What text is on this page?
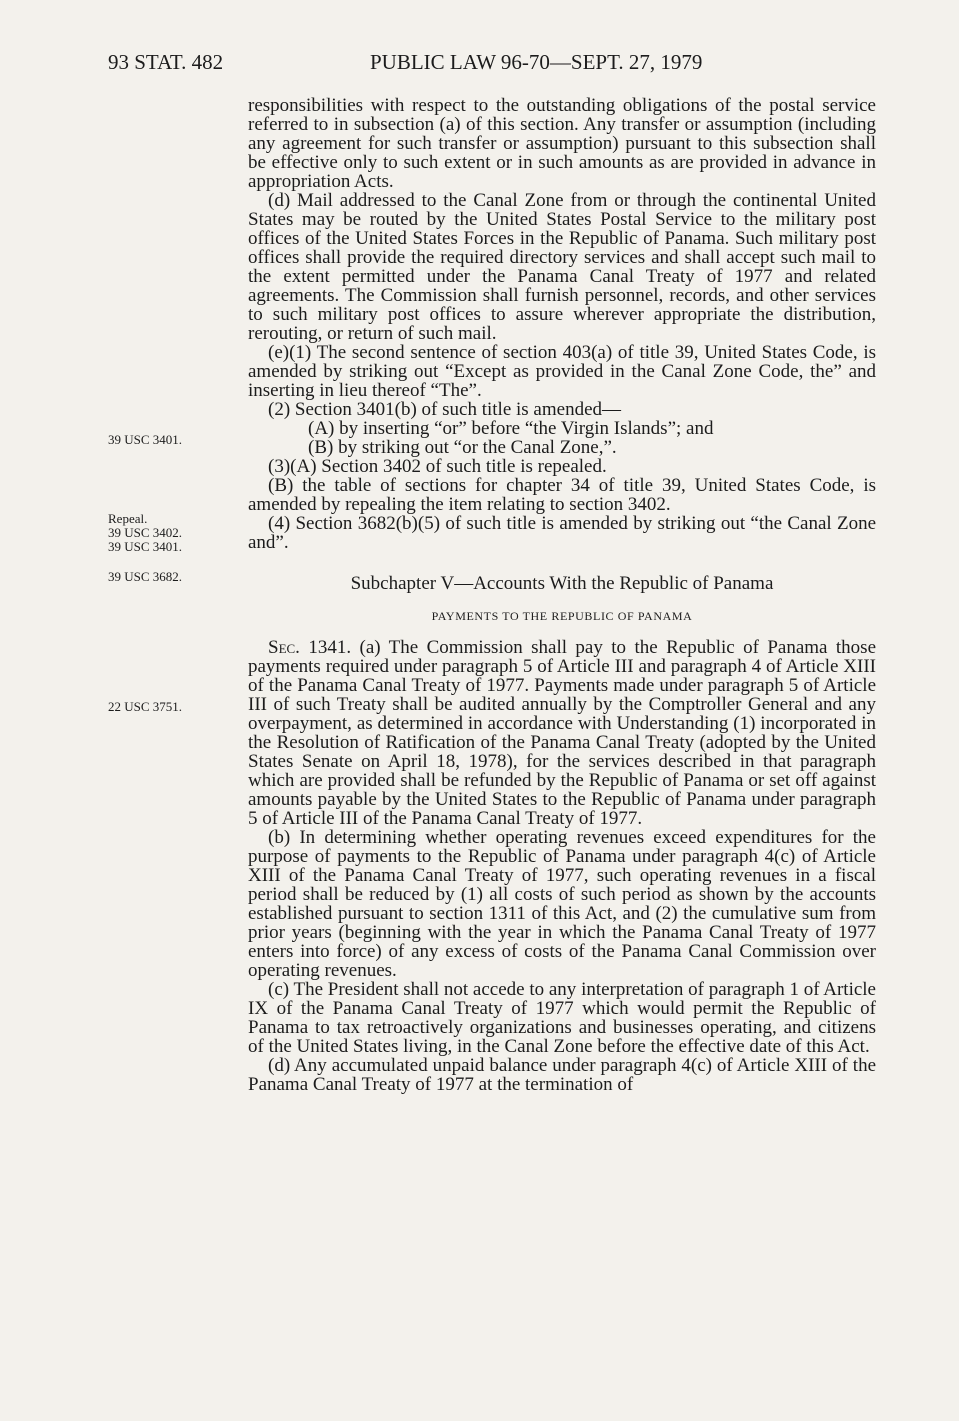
93 STAT. 482	PUBLIC LAW 96-70—SEPT. 27, 1979
39 USC 3401.
Repeal.
39 USC 3402.
39 USC 3401.
39 USC 3682.
22 USC 3751.

responsibilities with respect to the outstanding obligations of the postal service referred to in subsection (a) of this section. Any transfer or assumption (including any agreement for such transfer or assumption) pursuant to this subsection shall be effective only to such extent or in such amounts as are provided in advance in appropriation Acts.

(d) Mail addressed to the Canal Zone from or through the continental United States may be routed by the United States Postal Service to the military post offices of the United States Forces in the Republic of Panama. Such military post offices shall provide the required directory services and shall accept such mail to the extent permitted under the Panama Canal Treaty of 1977 and related agreements. The Commission shall furnish personnel, records, and other services to such military post offices to assure wherever appropriate the distribution, rerouting, or return of such mail.

(e)(1) The second sentence of section 403(a) of title 39, United States Code, is amended by striking out “Except as provided in the Canal Zone Code, the” and inserting in lieu thereof “The”.

(2) Section 3401(b) of such title is amended—

(A) by inserting “or” before “the Virgin Islands”; and

(B) by striking out “or the Canal Zone,”.

(3)(A) Section 3402 of such title is repealed.

(B) the table of sections for chapter 34 of title 39, United States Code, is amended by repealing the item relating to section 3402.

(4) Section 3682(b)(5) of such title is amended by striking out “the Canal Zone and”.

Subchapter V—Accounts With the Republic of Panama
PAYMENTS TO THE REPUBLIC OF PANAMA

Sec. 1341. (a) The Commission shall pay to the Republic of Panama those payments required under paragraph 5 of Article III and paragraph 4 of Article XIII of the Panama Canal Treaty of 1977. Payments made under paragraph 5 of Article III of such Treaty shall be audited annually by the Comptroller General and any overpayment, as determined in accordance with Understanding (1) incorporated in the Resolution of Ratification of the Panama Canal Treaty (adopted by the United States Senate on April 18, 1978), for the services described in that paragraph which are provided shall be refunded by the Republic of Panama or set off against amounts payable by the United States to the Republic of Panama under paragraph 5 of Article III of the Panama Canal Treaty of 1977.

(b) In determining whether operating revenues exceed expenditures for the purpose of payments to the Republic of Panama under paragraph 4(c) of Article XIII of the Panama Canal Treaty of 1977, such operating revenues in a fiscal period shall be reduced by (1) all costs of such period as shown by the accounts established pursuant to section 1311 of this Act, and (2) the cumulative sum from prior years (beginning with the year in which the Panama Canal Treaty of 1977 enters into force) of any excess of costs of the Panama Canal Commission over operating revenues.

(c) The President shall not accede to any interpretation of paragraph 1 of Article IX of the Panama Canal Treaty of 1977 which would permit the Republic of Panama to tax retroactively organizations and businesses operating, and citizens of the United States living, in the Canal Zone before the effective date of this Act.

(d) Any accumulated unpaid balance under paragraph 4(c) of Article XIII of the Panama Canal Treaty of 1977 at the termination of
